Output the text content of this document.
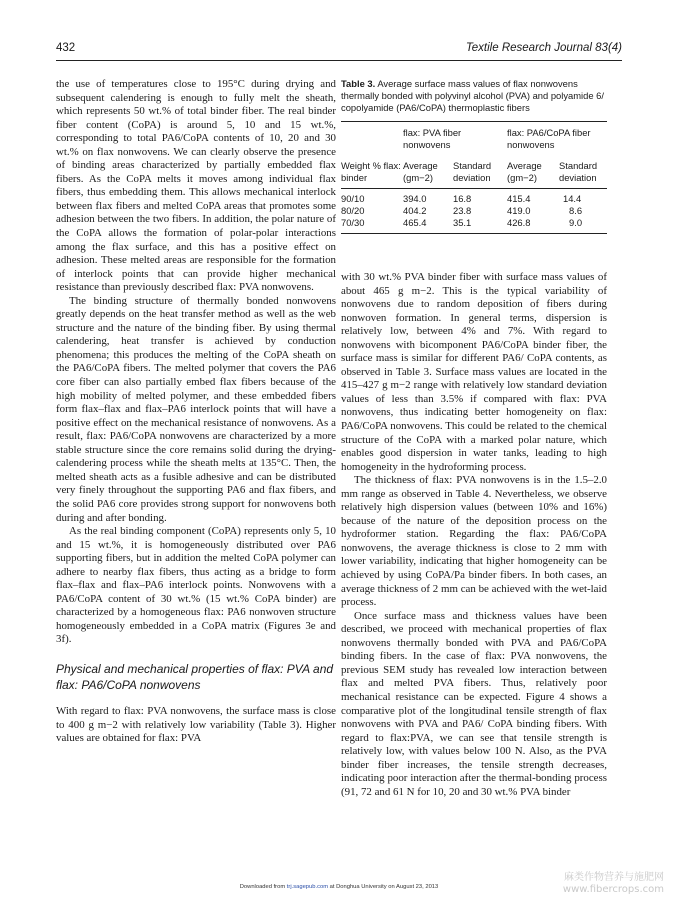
432	Textile Research Journal 83(4)

the use of temperatures close to 195°C during drying and subsequent calendering is enough to fully melt the sheath, which represents 50 wt.% of total binder fiber. The real binder fiber content (CoPA) is around 5, 10 and 15 wt.%, corresponding to total PA6/CoPA contents of 10, 20 and 30 wt.% on flax nonwovens. We can clearly observe the presence of binding areas characterized by partially embedded flax fibers. As the CoPA melts it moves among individual flax fibers, thus embedding them. This allows mechanical interlock between flax fibers and melted CoPA areas that promotes some adhesion between the two fibers. In addition, the polar nature of the CoPA allows the formation of polar-polar interactions among the flax surface, and this has a positive effect on adhesion. These melted areas are responsible for the formation of interlock points that can provide higher mechanical resistance than previously described flax: PVA nonwovens.

The binding structure of thermally bonded nonwovens greatly depends on the heat transfer method as well as the web structure and the nature of the binding fiber. By using thermal calendering, heat transfer is achieved by conduction phenomena; this produces the melting of the CoPA sheath on the PA6/CoPA fibers. The melted polymer that covers the PA6 core fiber can also partially embed flax fibers because of the high mobility of melted polymer, and these embedded fibers form flax–flax and flax–PA6 interlock points that will have a positive effect on the mechanical resistance of nonwovens. As a result, flax: PA6/CoPA nonwovens are characterized by a more stable structure since the core remains solid during the drying-calendering process while the sheath melts at 135°C. Then, the melted sheath acts as a fusible adhesive and can be distributed very finely throughout the supporting PA6 and flax fibers, and the solid PA6 core provides strong support for nonwovens both during and after bonding.

As the real binding component (CoPA) represents only 5, 10 and 15 wt.%, it is homogeneously distributed over PA6 supporting fibers, but in addition the melted CoPA polymer can adhere to nearby flax fibers, thus acting as a bridge to form flax–flax and flax–PA6 interlock points. Nonwovens with a PA6/CoPA content of 30 wt.% (15 wt.% CoPA binder) are characterized by a homogeneous flax: PA6 nonwoven structure homogeneously embedded in a CoPA matrix (Figures 3e and 3f).

Physical and mechanical properties of flax: PVA and flax: PA6/CoPA nonwovens

With regard to flax: PVA nonwovens, the surface mass is close to 400 g m−2 with relatively low variability (Table 3). Higher values are obtained for flax: PVA

Table 3. Average surface mass values of flax nonwovens thermally bonded with polyvinyl alcohol (PVA) and polyamide 6/ copolyamide (PA6/CoPA) thermoplastic fibers
	flax: PVA fiber nonwovens		flax: PA6/CoPA fiber nonwovens	
Weight % flax: binder	Average (gm−2)	Standard deviation	Average (gm−2)	Standard deviation
90/10	394.0	16.8	415.4	14.4
80/20	404.2	23.8	419.0	8.6
70/30	465.4	35.1	426.8	9.0

with 30 wt.% PVA binder fiber with surface mass values of about 465 g m−2. This is the typical variability of nonwovens due to random deposition of fibers during nonwoven formation. In general terms, dispersion is relatively low, between 4% and 7%. With regard to nonwovens with bicomponent PA6/CoPA binder fiber, the surface mass is similar for different PA6/ CoPA contents, as observed in Table 3. Surface mass values are located in the 415–427 g m−2 range with relatively low standard deviation values of less than 3.5% if compared with flax: PVA nonwovens, thus indicating better homogeneity on flax: PA6/CoPA nonwovens. This could be related to the chemical structure of the CoPA with a marked polar nature, which enables good dispersion in water tanks, leading to high homogeneity in the hydroforming process.

The thickness of flax: PVA nonwovens is in the 1.5–2.0 mm range as observed in Table 4. Nevertheless, we observe relatively high dispersion values (between 10% and 16%) because of the nature of the deposition process on the hydroformer station. Regarding the flax: PA6/CoPA nonwovens, the average thickness is close to 2 mm with lower variability, indicating that higher homogeneity can be achieved by using CoPA/Pa binder fibers. In both cases, an average thickness of 2 mm can be achieved with the wet-laid process.

Once surface mass and thickness values have been described, we proceed with mechanical properties of flax nonwovens thermally bonded with PVA and PA6/CoPA binding fibers. In the case of flax: PVA nonwovens, the previous SEM study has revealed low interaction between flax and melted PVA fibers. Thus, relatively poor mechanical resistance can be expected. Figure 4 shows a comparative plot of the longitudinal tensile strength of flax nonwovens with PVA and PA6/ CoPA binding fibers. With regard to flax:PVA, we can see that tensile strength is relatively low, with values below 100 N. Also, as the PVA binder fiber increases, the tensile strength decreases, indicating poor interaction after the thermal-bonding process (91, 72 and 61 N for 10, 20 and 30 wt.% PVA binder

Downloaded from trj.sagepub.com at Donghua University on August 23, 2013
麻类作物营养与施肥网
www.fibercrops.com
